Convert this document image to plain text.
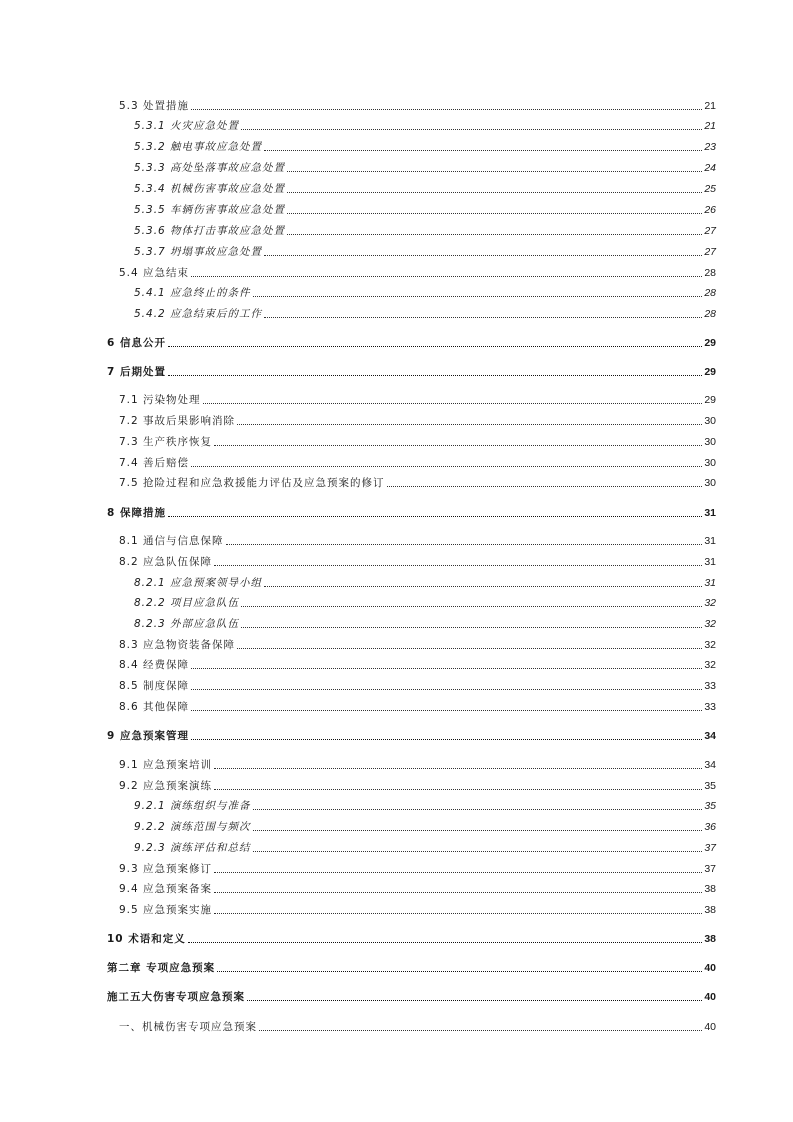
5.3 处置措施	21
5.3.1 火灾应急处置	21
5.3.2 触电事故应急处置	23
5.3.3 高处坠落事故应急处置	24
5.3.4 机械伤害事故应急处置	25
5.3.5 车辆伤害事故应急处置	26
5.3.6 物体打击事故应急处置	27
5.3.7 坍塌事故应急处置	27
5.4 应急结束	28
5.4.1 应急终止的条件	28
5.4.2 应急结束后的工作	28
6 信息公开	29
7 后期处置	29
7.1 污染物处理	29
7.2 事故后果影响消除	30
7.3 生产秩序恢复	30
7.4 善后赔偿	30
7.5 抢险过程和应急救援能力评估及应急预案的修订	30
8 保障措施	31
8.1 通信与信息保障	31
8.2 应急队伍保障	31
8.2.1 应急预案领导小组	31
8.2.2 项目应急队伍	32
8.2.3 外部应急队伍	32
8.3 应急物资装备保障	32
8.4 经费保障	32
8.5 制度保障	33
8.6 其他保障	33
9 应急预案管理	34
9.1 应急预案培训	34
9.2 应急预案演练	35
9.2.1 演练组织与准备	35
9.2.2 演练范围与频次	36
9.2.3 演练评估和总结	37
9.3 应急预案修订	37
9.4 应急预案备案	38
9.5 应急预案实施	38
10 术语和定义	38
第二章 专项应急预案	40
施工五大伤害专项应急预案	40
一、机械伤害专项应急预案	40
